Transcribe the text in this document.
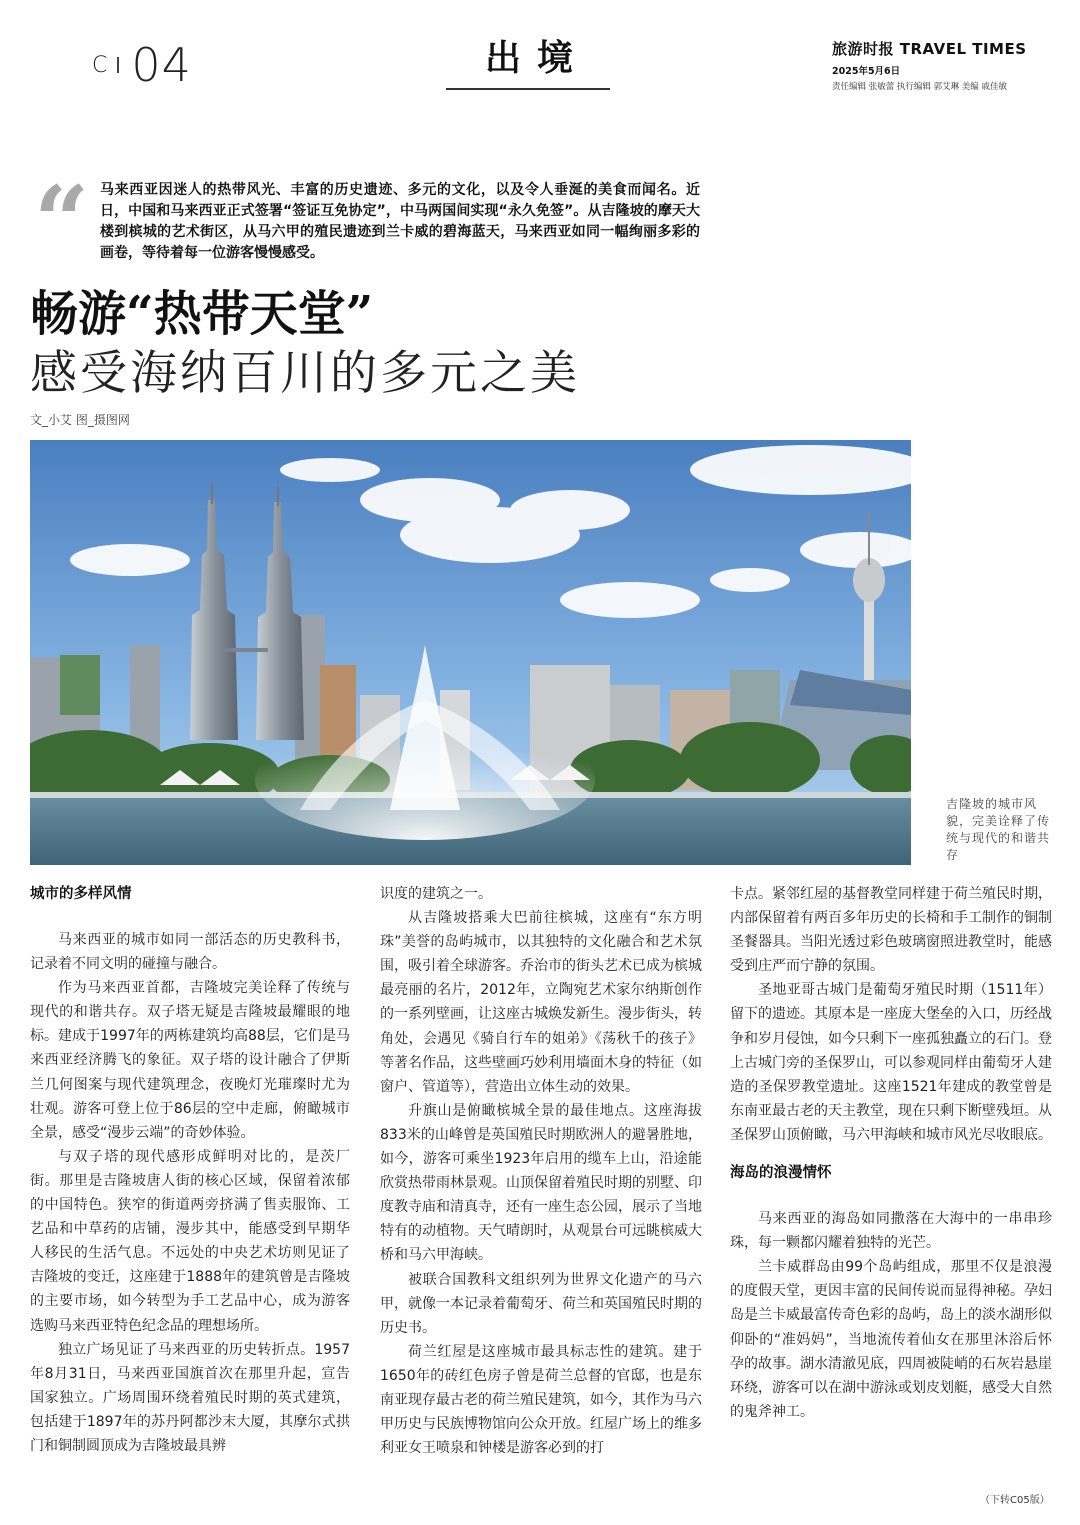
C 04	出境	旅游时报 TRAVEL TIMES
2025年5月6日
责任编辑 张敏蕾 执行编辑 郭艾琳 美编 戚佳敏
“ 马来西亚因迷人的热带风光、丰富的历史遗迹、多元的文化，以及令人垂涎的美食而闻名。近日，中国和马来西亚正式签署“签证互免协定”，中马两国间实现“永久免签”。从吉隆坡的摩天大楼到槟城的艺术街区，从马六甲的殖民遗迹到兰卡威的碧海蓝天，马来西亚如同一幅绚丽多彩的画卷，等待着每一位游客慢慢感受。
畅游“热带天堂”
感受海纳百川的多元之美
文_小艾 图_摄图网
吉隆坡的城市风貌，完美诠释了传统与现代的和谐共存
城市的多样风情

马来西亚的城市如同一部活态的历史教科书，记录着不同文明的碰撞与融合。

作为马来西亚首都，吉隆坡完美诠释了传统与现代的和谐共存。双子塔无疑是吉隆坡最耀眼的地标。建成于1997年的两栋建筑均高88层，它们是马来西亚经济腾飞的象征。双子塔的设计融合了伊斯兰几何图案与现代建筑理念，夜晚灯光璀璨时尤为壮观。游客可登上位于86层的空中走廊，俯瞰城市全景，感受“漫步云端”的奇妙体验。

与双子塔的现代感形成鲜明对比的，是茨厂街。那里是吉隆坡唐人街的核心区域，保留着浓郁的中国特色。狭窄的街道两旁挤满了售卖服饰、工艺品和中草药的店铺，漫步其中，能感受到早期华人移民的生活气息。不远处的中央艺术坊则见证了吉隆坡的变迁，这座建于1888年的建筑曾是吉隆坡的主要市场，如今转型为手工艺品中心，成为游客选购马来西亚特色纪念品的理想场所。

独立广场见证了马来西亚的历史转折点。1957年8月31日，马来西亚国旗首次在那里升起，宣告国家独立。广场周围环绕着殖民时期的英式建筑，包括建于1897年的苏丹阿都沙末大厦，其摩尔式拱门和铜制圆顶成为吉隆坡最具辨

识度的建筑之一。

从吉隆坡搭乘大巴前往槟城，这座有“东方明珠”美誉的岛屿城市，以其独特的文化融合和艺术氛围，吸引着全球游客。乔治市的街头艺术已成为槟城最亮丽的名片，2012年，立陶宛艺术家尔纳斯创作的一系列壁画，让这座古城焕发新生。漫步街头，转角处，会遇见《骑自行车的姐弟》《荡秋千的孩子》等著名作品，这些壁画巧妙利用墙面木身的特征（如窗户、管道等），营造出立体生动的效果。

升旗山是俯瞰槟城全景的最佳地点。这座海拔833米的山峰曾是英国殖民时期欧洲人的避暑胜地，如今，游客可乘坐1923年启用的缆车上山，沿途能欣赏热带雨林景观。山顶保留着殖民时期的别墅、印度教寺庙和清真寺，还有一座生态公园，展示了当地特有的动植物。天气晴朗时，从观景台可远眺槟威大桥和马六甲海峡。

被联合国教科文组织列为世界文化遗产的马六甲，就像一本记录着葡萄牙、荷兰和英国殖民时期的历史书。

荷兰红屋是这座城市最具标志性的建筑。建于1650年的砖红色房子曾是荷兰总督的官邸，也是东南亚现存最古老的荷兰殖民建筑，如今，其作为马六甲历史与民族博物馆向公众开放。红屋广场上的维多利亚女王喷泉和钟楼是游客必到的打

卡点。紧邻红屋的基督教堂同样建于荷兰殖民时期，内部保留着有两百多年历史的长椅和手工制作的铜制圣餐器具。当阳光透过彩色玻璃窗照进教堂时，能感受到庄严而宁静的氛围。

圣地亚哥古城门是葡萄牙殖民时期（1511年）留下的遗迹。其原本是一座庞大堡垒的入口，历经战争和岁月侵蚀，如今只剩下一座孤独矗立的石门。登上古城门旁的圣保罗山，可以参观同样由葡萄牙人建造的圣保罗教堂遗址。这座1521年建成的教堂曾是东南亚最古老的天主教堂，现在只剩下断壁残垣。从圣保罗山顶俯瞰，马六甲海峡和城市风光尽收眼底。

海岛的浪漫情怀

马来西亚的海岛如同撒落在大海中的一串串珍珠，每一颗都闪耀着独特的光芒。

兰卡威群岛由99个岛屿组成，那里不仅是浪漫的度假天堂，更因丰富的民间传说而显得神秘。孕妇岛是兰卡威最富传奇色彩的岛屿，岛上的淡水湖形似仰卧的“准妈妈”，当地流传着仙女在那里沐浴后怀孕的故事。湖水清澈见底，四周被陡峭的石灰岩悬崖环绕，游客可以在湖中游泳或划皮划艇，感受大自然的鬼斧神工。

（下转C05版）
